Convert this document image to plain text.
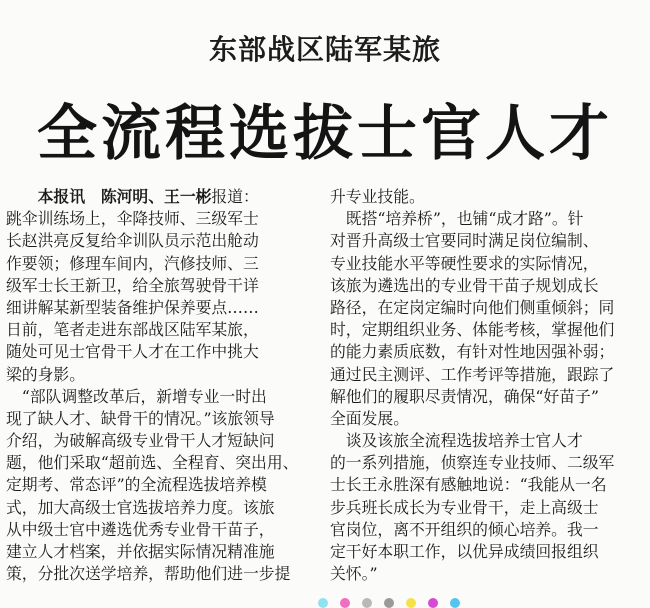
东部战区陆军某旅
全流程选拔士官人才
　　本报讯　 陈河明、王一彬报道：
跳伞训练场上，伞降技师、三级军士
长赵洪亮反复给伞训队员示范出舱动
作要领；修理车间内，汽修技师、三
级军士长王新卫，给全旅驾驶骨干详
细讲解某新型装备维护保养要点……
日前，笔者走进东部战区陆军某旅，
随处可见士官骨干人才在工作中挑大
梁的身影。
　“部队调整改革后，新增专业一时出
现了缺人才、缺骨干的情况。”该旅领导
介绍，为破解高级专业骨干人才短缺问
题，他们采取“超前选、全程育、突出用、
定期考、常态评”的全流程选拔培养模
式，加大高级士官选拔培养力度。该旅
从中级士官中遴选优秀专业骨干苗子，
建立人才档案，并依据实际情况精准施
策，分批次送学培养，帮助他们进一步提
升专业技能。
　既搭“培养桥”，也铺“成才路”。针
对晋升高级士官要同时满足岗位编制、
专业技能水平等硬性要求的实际情况，
该旅为遴选出的专业骨干苗子规划成长
路径，在定岗定编时向他们侧重倾斜；同
时，定期组织业务、体能考核，掌握他们
的能力素质底数，有针对性地因强补弱；
通过民主测评、工作考评等措施，跟踪了
解他们的履职尽责情况，确保“好苗子”
全面发展。
　谈及该旅全流程选拔培养士官人才
的一系列措施，侦察连专业技师、二级军
士长王永胜深有感触地说：“我能从一名
步兵班长成长为专业骨干，走上高级士
官岗位，离不开组织的倾心培养。我一
定干好本职工作，以优异成绩回报组织
关怀。”
